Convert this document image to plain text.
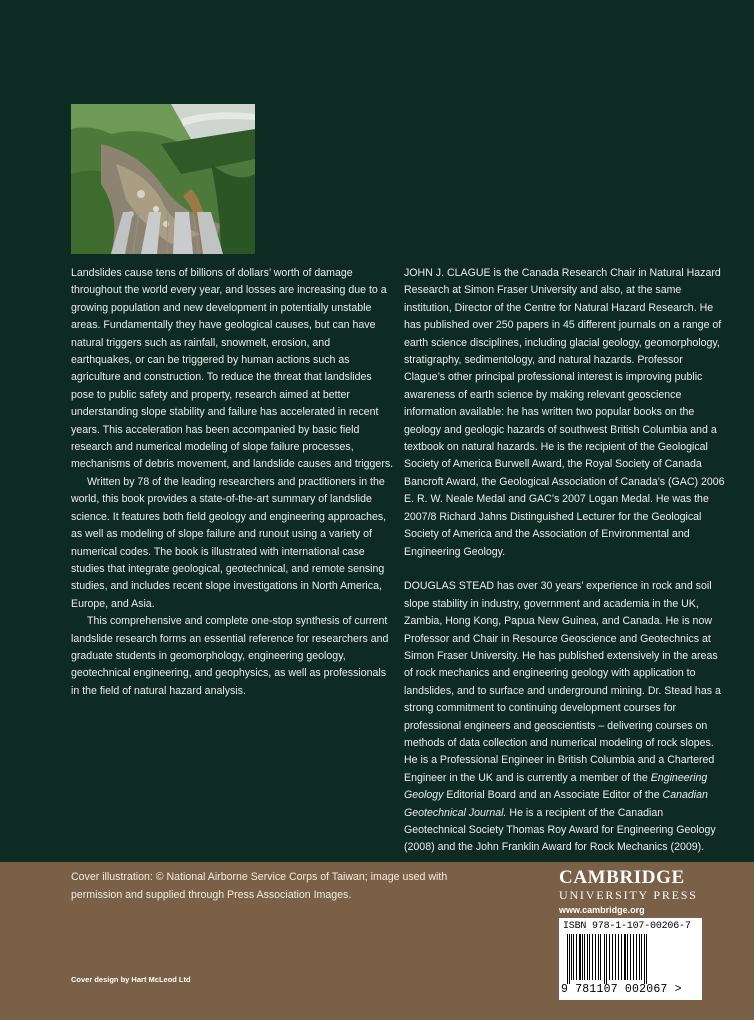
Landslides cause tens of billions of dollars’ worth of damage throughout the world every year, and losses are increasing due to a growing population and new development in potentially unstable areas. Fundamentally they have geological causes, but can have natural triggers such as rainfall, snowmelt, erosion, and earthquakes, or can be triggered by human actions such as agriculture and construction. To reduce the threat that landslides pose to public safety and property, research aimed at better understanding slope stability and failure has accelerated in recent years. This acceleration has been accompanied by basic field research and numerical modeling of slope failure processes, mechanisms of debris movement, and landslide causes and triggers.

Written by 78 of the leading researchers and practitioners in the world, this book provides a state-of-the-art summary of landslide science. It features both field geology and engineering approaches, as well as modeling of slope failure and runout using a variety of numerical codes. The book is illustrated with international case studies that integrate geological, geotechnical, and remote sensing studies, and includes recent slope investigations in North America, Europe, and Asia.

This comprehensive and complete one-stop synthesis of current landslide research forms an essential reference for researchers and graduate students in geomorphology, engineering geology, geotechnical engineering, and geophysics, as well as professionals in the field of natural hazard analysis.

JOHN J. CLAGUE is the Canada Research Chair in Natural Hazard Research at Simon Fraser University and also, at the same institution, Director of the Centre for Natural Hazard Research. He has published over 250 papers in 45 different journals on a range of earth science disciplines, including glacial geology, geomorphology, stratigraphy, sedimentology, and natural hazards. Professor Clague’s other principal professional interest is improving public awareness of earth science by making relevant geoscience information available: he has written two popular books on the geology and geologic hazards of southwest British Columbia and a textbook on natural hazards. He is the recipient of the Geological Society of America Burwell Award, the Royal Society of Canada Bancroft Award, the Geological Association of Canada’s (GAC) 2006 E. R. W. Neale Medal and GAC’s 2007 Logan Medal. He was the 2007/8 Richard Jahns Distinguished Lecturer for the Geological Society of America and the Association of Environmental and Engineering Geology.

DOUGLAS STEAD has over 30 years’ experience in rock and soil slope stability in industry, government and academia in the UK, Zambia, Hong Kong, Papua New Guinea, and Canada. He is now Professor and Chair in Resource Geoscience and Geotechnics at Simon Fraser University. He has published extensively in the areas of rock mechanics and engineering geology with application to landslides, and to surface and underground mining. Dr. Stead has a strong commitment to continuing development courses for professional engineers and geoscientists – delivering courses on methods of data collection and numerical modeling of rock slopes. He is a Professional Engineer in British Columbia and a Chartered Engineer in the UK and is currently a member of the Engineering Geology Editorial Board and an Associate Editor of the Canadian Geotechnical Journal. He is a recipient of the Canadian Geotechnical Society Thomas Roy Award for Engineering Geology (2008) and the John Franklin Award for Rock Mechanics (2009).

Cover illustration: © National Airborne Service Corps of Taiwan; image used with permission and supplied through Press Association Images.
Cover design by Hart McLeod Ltd
CAMBRIDGE
UNIVERSITY PRESS
www.cambridge.org
ISBN 978-1-107-00206-7
9 781107 002067 >
